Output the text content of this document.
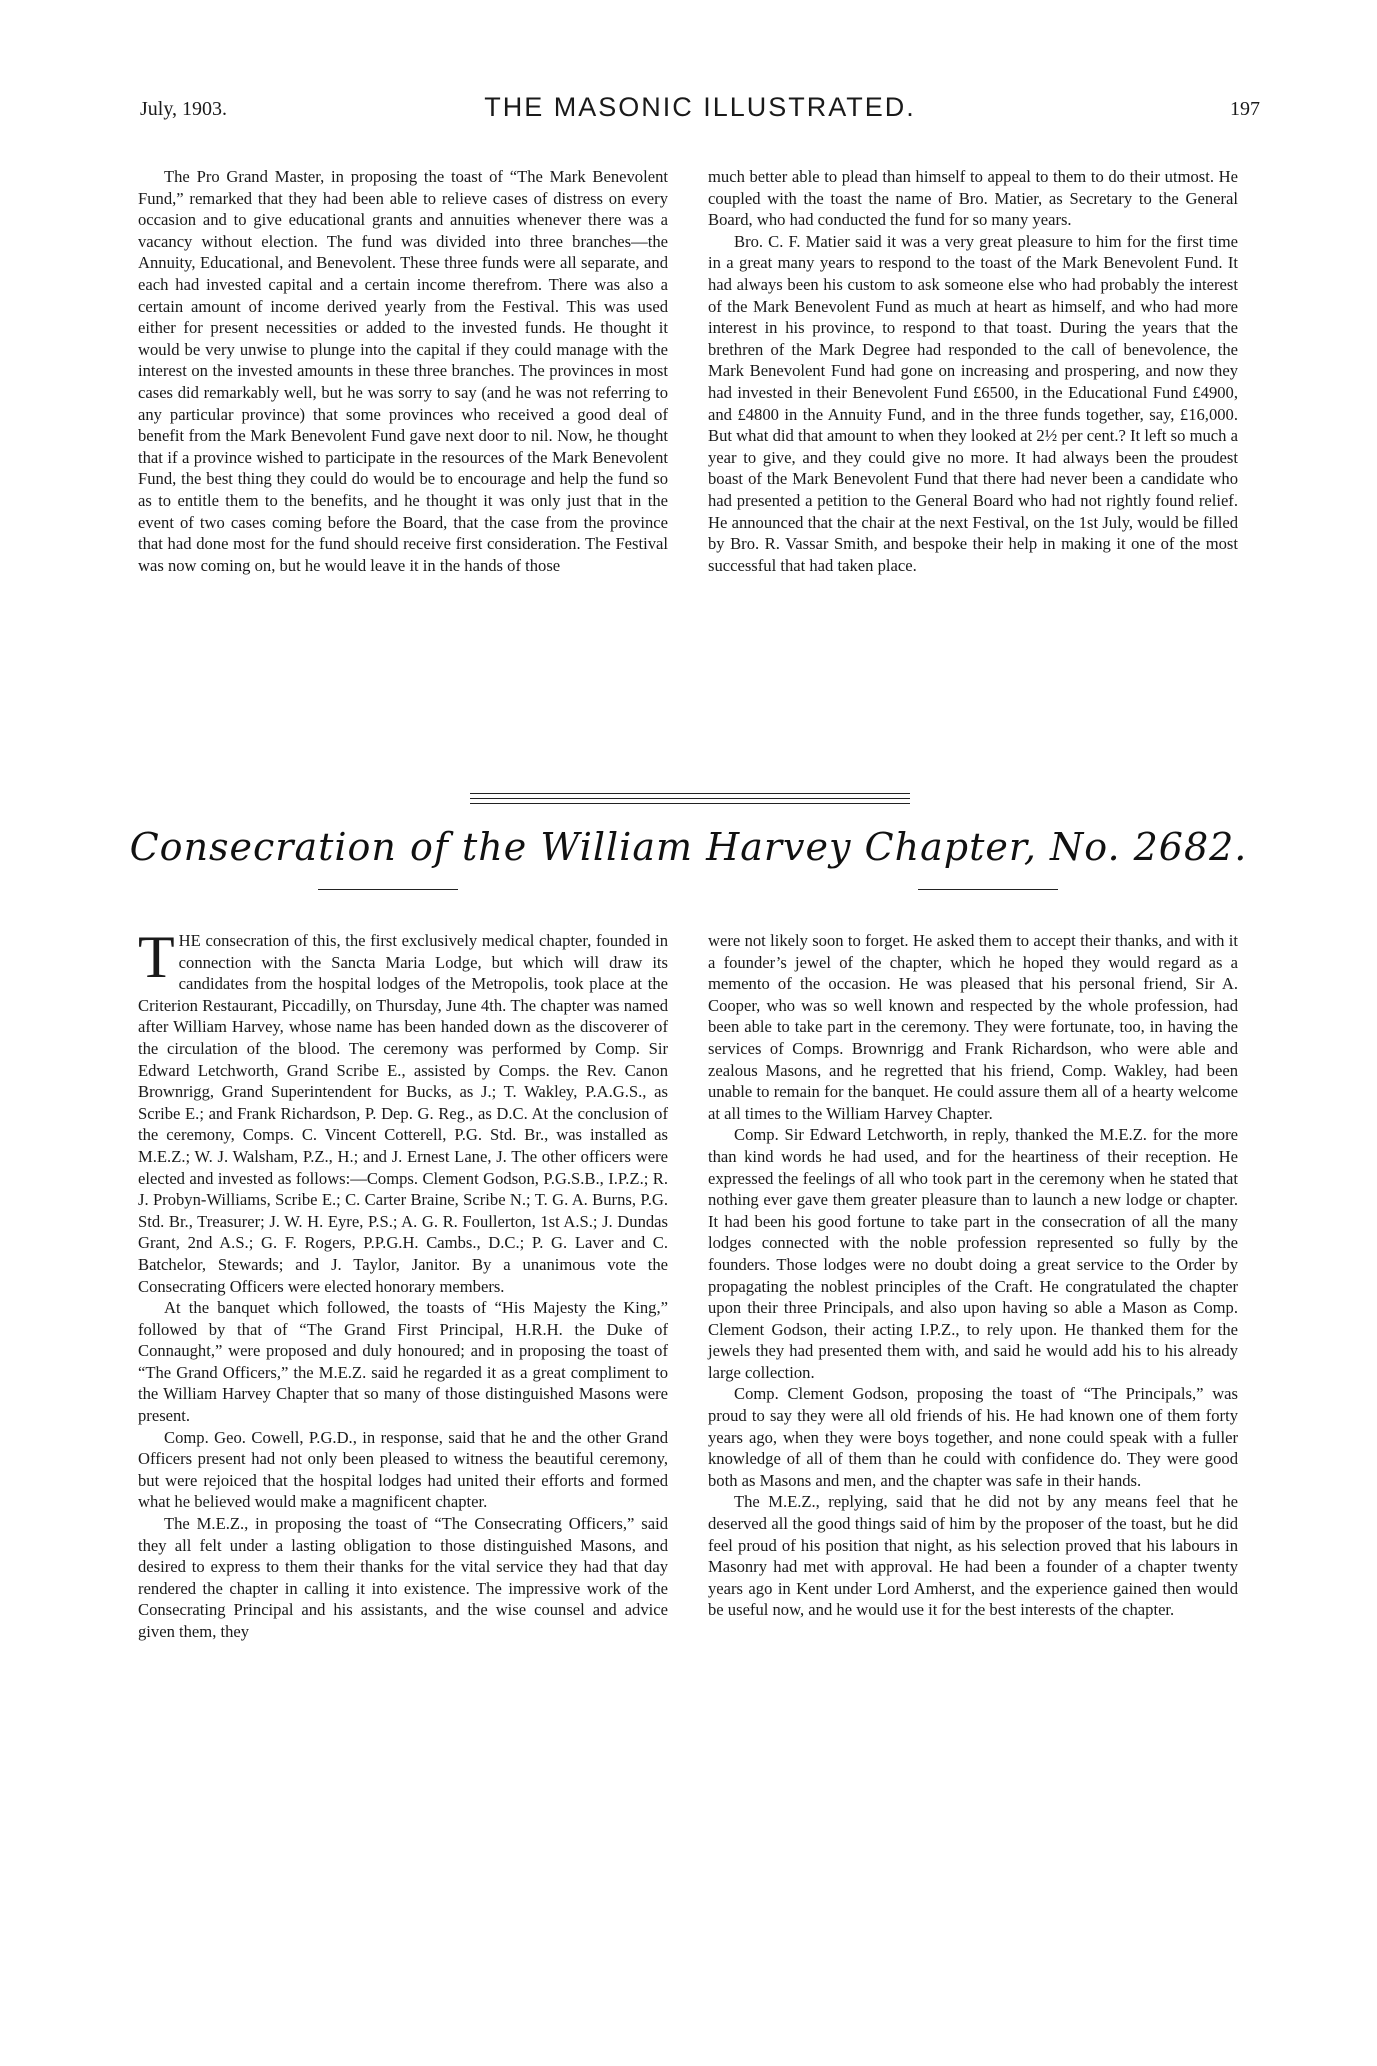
July, 1903.	THE MASONIC ILLUSTRATED.	197

The Pro Grand Master, in proposing the toast of “The Mark Benevolent Fund,” remarked that they had been able to relieve cases of distress on every occasion and to give educational grants and annuities whenever there was a vacancy without election. The fund was divided into three branches—the Annuity, Educational, and Benevolent. These three funds were all separate, and each had invested capital and a certain income therefrom. There was also a certain amount of income derived yearly from the Festival. This was used either for present necessities or added to the invested funds. He thought it would be very unwise to plunge into the capital if they could manage with the interest on the invested amounts in these three branches. The provinces in most cases did remarkably well, but he was sorry to say (and he was not referring to any particular province) that some provinces who received a good deal of benefit from the Mark Benevolent Fund gave next door to nil. Now, he thought that if a province wished to participate in the resources of the Mark Benevolent Fund, the best thing they could do would be to encourage and help the fund so as to entitle them to the benefits, and he thought it was only just that in the event of two cases coming before the Board, that the case from the province that had done most for the fund should receive first consideration. The Festival was now coming on, but he would leave it in the hands of those

much better able to plead than himself to appeal to them to do their utmost. He coupled with the toast the name of Bro. Matier, as Secretary to the General Board, who had conducted the fund for so many years.

Bro. C. F. Matier said it was a very great pleasure to him for the first time in a great many years to respond to the toast of the Mark Benevolent Fund. It had always been his custom to ask someone else who had probably the interest of the Mark Benevolent Fund as much at heart as himself, and who had more interest in his province, to respond to that toast. During the years that the brethren of the Mark Degree had responded to the call of benevolence, the Mark Benevolent Fund had gone on increasing and prospering, and now they had invested in their Benevolent Fund £6500, in the Educational Fund £4900, and £4800 in the Annuity Fund, and in the three funds together, say, £16,000. But what did that amount to when they looked at 2½ per cent.? It left so much a year to give, and they could give no more. It had always been the proudest boast of the Mark Benevolent Fund that there had never been a candidate who had presented a petition to the General Board who had not rightly found relief. He announced that the chair at the next Festival, on the 1st July, would be filled by Bro. R. Vassar Smith, and bespoke their help in making it one of the most successful that had taken place.

Consecration of the William Harvey Chapter, No. 2682.

THE consecration of this, the first exclusively medical chapter, founded in connection with the Sancta Maria Lodge, but which will draw its candidates from the hospital lodges of the Metropolis, took place at the Criterion Restaurant, Piccadilly, on Thursday, June 4th. The chapter was named after William Harvey, whose name has been handed down as the discoverer of the circulation of the blood. The ceremony was performed by Comp. Sir Edward Letchworth, Grand Scribe E., assisted by Comps. the Rev. Canon Brownrigg, Grand Superintendent for Bucks, as J.; T. Wakley, P.A.G.S., as Scribe E.; and Frank Richardson, P. Dep. G. Reg., as D.C. At the conclusion of the ceremony, Comps. C. Vincent Cotterell, P.G. Std. Br., was installed as M.E.Z.; W. J. Walsham, P.Z., H.; and J. Ernest Lane, J. The other officers were elected and invested as follows:—Comps. Clement Godson, P.G.S.B., I.P.Z.; R. J. Probyn-Williams, Scribe E.; C. Carter Braine, Scribe N.; T. G. A. Burns, P.G. Std. Br., Treasurer; J. W. H. Eyre, P.S.; A. G. R. Foullerton, 1st A.S.; J. Dundas Grant, 2nd A.S.; G. F. Rogers, P.P.G.H. Cambs., D.C.; P. G. Laver and C. Batchelor, Stewards; and J. Taylor, Janitor. By a unanimous vote the Consecrating Officers were elected honorary members.

At the banquet which followed, the toasts of “His Majesty the King,” followed by that of “The Grand First Principal, H.R.H. the Duke of Connaught,” were proposed and duly honoured; and in proposing the toast of “The Grand Officers,” the M.E.Z. said he regarded it as a great compliment to the William Harvey Chapter that so many of those distinguished Masons were present.

Comp. Geo. Cowell, P.G.D., in response, said that he and the other Grand Officers present had not only been pleased to witness the beautiful ceremony, but were rejoiced that the hospital lodges had united their efforts and formed what he believed would make a magnificent chapter.

The M.E.Z., in proposing the toast of “The Consecrating Officers,” said they all felt under a lasting obligation to those distinguished Masons, and desired to express to them their thanks for the vital service they had that day rendered the chapter in calling it into existence. The impressive work of the Consecrating Principal and his assistants, and the wise counsel and advice given them, they

were not likely soon to forget. He asked them to accept their thanks, and with it a founder’s jewel of the chapter, which he hoped they would regard as a memento of the occasion. He was pleased that his personal friend, Sir A. Cooper, who was so well known and respected by the whole profession, had been able to take part in the ceremony. They were fortunate, too, in having the services of Comps. Brownrigg and Frank Richardson, who were able and zealous Masons, and he regretted that his friend, Comp. Wakley, had been unable to remain for the banquet. He could assure them all of a hearty welcome at all times to the William Harvey Chapter.

Comp. Sir Edward Letchworth, in reply, thanked the M.E.Z. for the more than kind words he had used, and for the heartiness of their reception. He expressed the feelings of all who took part in the ceremony when he stated that nothing ever gave them greater pleasure than to launch a new lodge or chapter. It had been his good fortune to take part in the consecration of all the many lodges connected with the noble profession represented so fully by the founders. Those lodges were no doubt doing a great service to the Order by propagating the noblest principles of the Craft. He congratulated the chapter upon their three Principals, and also upon having so able a Mason as Comp. Clement Godson, their acting I.P.Z., to rely upon. He thanked them for the jewels they had presented them with, and said he would add his to his already large collection.

Comp. Clement Godson, proposing the toast of “The Principals,” was proud to say they were all old friends of his. He had known one of them forty years ago, when they were boys together, and none could speak with a fuller knowledge of all of them than he could with confidence do. They were good both as Masons and men, and the chapter was safe in their hands.

The M.E.Z., replying, said that he did not by any means feel that he deserved all the good things said of him by the proposer of the toast, but he did feel proud of his position that night, as his selection proved that his labours in Masonry had met with approval. He had been a founder of a chapter twenty years ago in Kent under Lord Amherst, and the experience gained then would be useful now, and he would use it for the best interests of the chapter.
